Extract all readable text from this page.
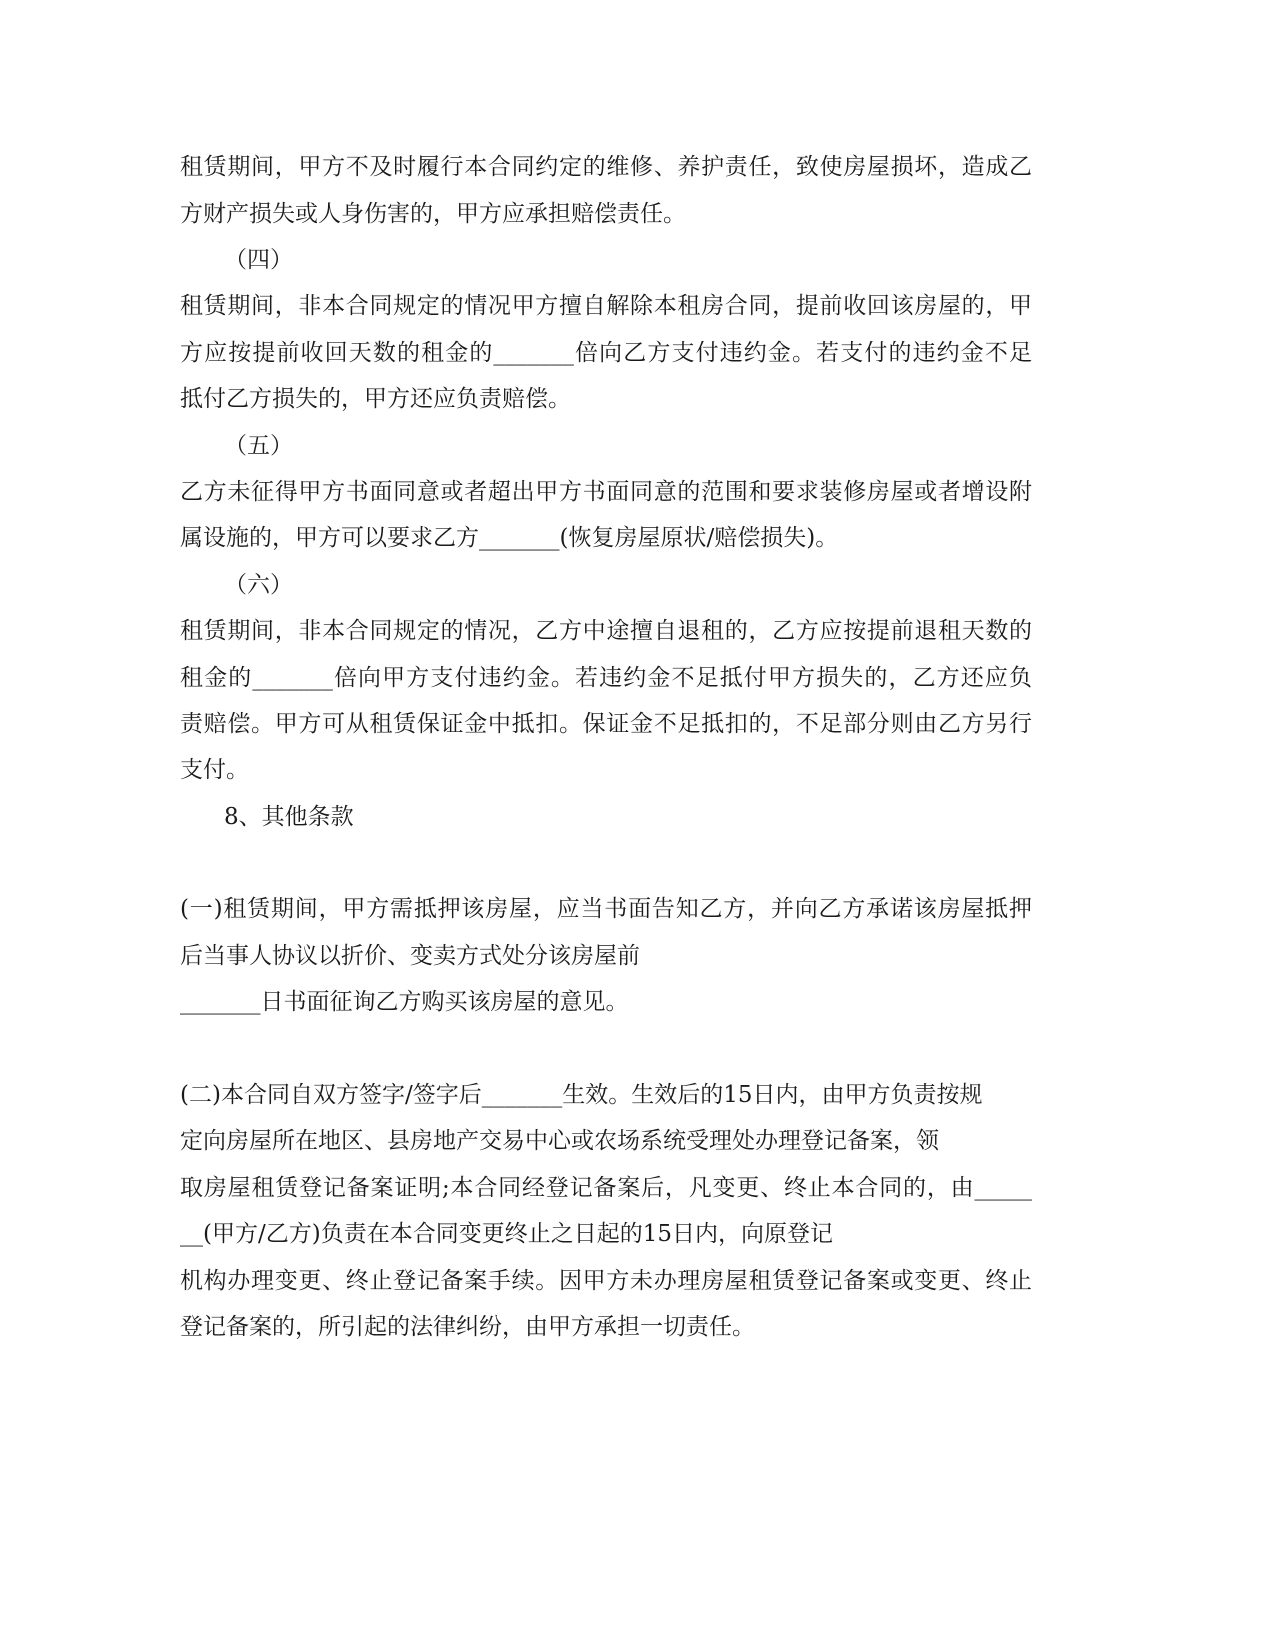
租赁期间，甲方不及时履行本合同约定的维修、养护责任，致使房屋损坏，造成乙

方财产损失或人身伤害的，甲方应承担赔偿责任。

（四）

租赁期间，非本合同规定的情况甲方擅自解除本租房合同，提前收回该房屋的，甲

方应按提前收回天数的租金的_______倍向乙方支付违约金。若支付的违约金不足

抵付乙方损失的，甲方还应负责赔偿。

（五）

乙方未征得甲方书面同意或者超出甲方书面同意的范围和要求装修房屋或者增设附

属设施的，甲方可以要求乙方_______(恢复房屋原状/赔偿损失)。

（六）

租赁期间，非本合同规定的情况，乙方中途擅自退租的，乙方应按提前退租天数的

租金的_______倍向甲方支付违约金。若违约金不足抵付甲方损失的，乙方还应负

责赔偿。甲方可从租赁保证金中抵扣。保证金不足抵扣的，不足部分则由乙方另行

支付。

8、其他条款

(一)租赁期间，甲方需抵押该房屋，应当书面告知乙方，并向乙方承诺该房屋抵押

后当事人协议以折价、变卖方式处分该房屋前

_______日书面征询乙方购买该房屋的意见。

(二)本合同自双方签字/签字后_______生效。生效后的15日内，由甲方负责按规

定向房屋所在地区、县房地产交易中心或农场系统受理处办理登记备案，领

取房屋租赁登记备案证明;本合同经登记备案后，凡变更、终止本合同的，由_____

__(甲方/乙方)负责在本合同变更终止之日起的15日内，向原登记

机构办理变更、终止登记备案手续。因甲方未办理房屋租赁登记备案或变更、终止

登记备案的，所引起的法律纠纷，由甲方承担一切责任。
